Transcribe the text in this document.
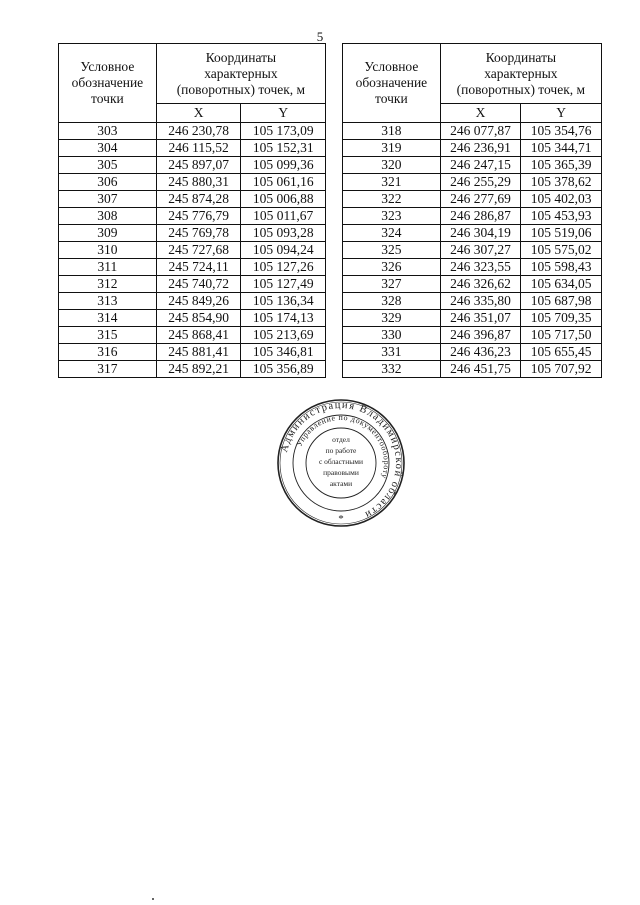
5
Условное
обозначение
точки	Координаты
характерных
(поворотных) точек, м	
	X	Y
303	246 230,78	105 173,09
304	246 115,52	105 152,31
305	245 897,07	105 099,36
306	245 880,31	105 061,16
307	245 874,28	105 006,88
308	245 776,79	105 011,67
309	245 769,78	105 093,28
310	245 727,68	105 094,24
311	245 724,11	105 127,26
312	245 740,72	105 127,49
313	245 849,26	105 136,34
314	245 854,90	105 174,13
315	245 868,41	105 213,69
316	245 881,41	105 346,81
317	245 892,21	105 356,89
Условное
обозначение
точки	Координаты
характерных
(поворотных) точек, м	
	X	Y
318	246 077,87	105 354,76
319	246 236,91	105 344,71
320	246 247,15	105 365,39
321	246 255,29	105 378,62
322	246 277,69	105 402,03
323	246 286,87	105 453,93
324	246 304,19	105 519,06
325	246 307,27	105 575,02
326	246 323,55	105 598,43
327	246 326,62	105 634,05
328	246 335,80	105 687,98
329	246 351,07	105 709,35
330	246 396,87	105 717,50
331	246 436,23	105 655,45
332	246 451,75	105 707,92
Администрация Владимирской области
Управление по документообороту
отдел
по работе
с областными
правовыми
актами
*
